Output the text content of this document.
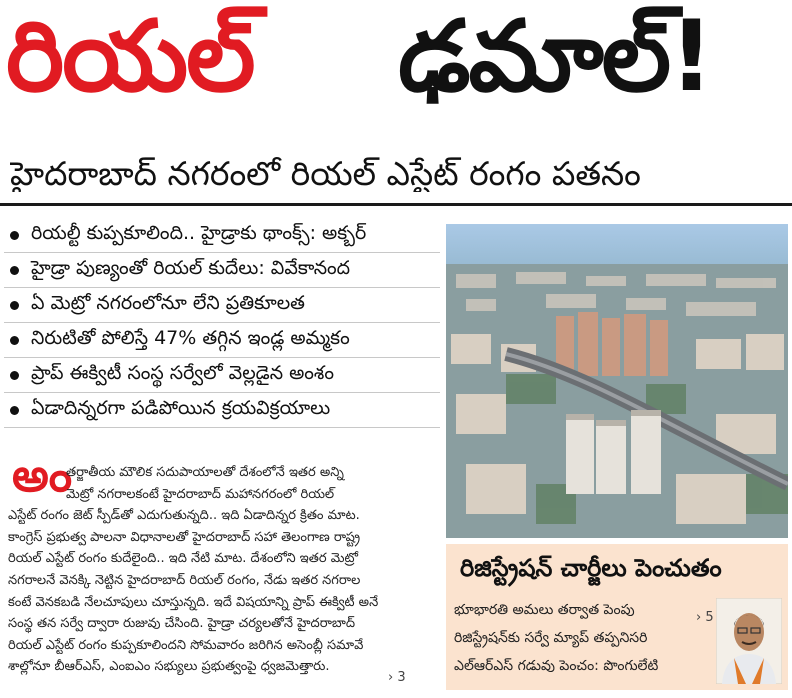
రియల్ ఢమాల్!
హైదరాబాద్ నగరంలో రియల్ ఎస్టేట్ రంగం పతనం
రియల్టీ కుప్పకూలింది.. హైడ్రాకు థాంక్స్: అక్బర్
హైడ్రా పుణ్యంతో రియల్ కుదేలు: వివేకానంద
ఏ మెట్రో నగరంలోనూ లేని ప్రతికూలత
నిరుటితో పోలిస్తే 47% తగ్గిన ఇండ్ల అమ్మకం
ప్రాప్ ఈక్విటీ సంస్థ సర్వేలో వెల్లడైన అంశం
ఏడాదిన్నరగా పడిపోయిన క్రయవిక్రయాలు
అం
తర్జాతీయ మౌలిక సదుపాయాలతో దేశంలోనే ఇతర అన్ని
మెట్రో నగరాలకంటే హైదరాబాద్ మహానగరంలో రియల్
ఎస్టేట్ రంగం జెట్ స్పీడ్‌తో ఎదుగుతున్నది.. ఇది ఏడాదిన్నర క్రితం మాట.
కాంగ్రెస్ ప్రభుత్వ పాలనా విధానాలతో హైదరాబాద్ సహా తెలంగాణ రాష్ట్ర
రియల్ ఎస్టేట్ రంగం కుదేలైంది.. ఇది నేటి మాట. దేశంలోని ఇతర మెట్రో
నగరాలనే వెనక్కి నెట్టిన హైదరాబాద్ రియల్ రంగం, నేడు ఇతర నగరాల
కంటే వెనకబడి నేలచూపులు చూస్తున్నది. ఇదే విషయాన్ని ప్రాప్ ఈక్విటీ అనే
సంస్థ తన సర్వే ద్వారా రుజువు చేసింది. హైడ్రా చర్యలతోనే హైదరాబాద్
రియల్ ఎస్టేట్ రంగం కుప్పకూలిందని సోమవారం జరిగిన అసెంబ్లీ సమావే
శాల్లోనూ బీఆర్ఎస్, ఎంఐఎం సభ్యులు ప్రభుత్వంపై ధ్వజమెత్తారు.
› 3
రిజిస్ట్రేషన్ చార్జీలు పెంచుతం
భూభారతి అమలు తర్వాత పెంపు
రిజిస్ట్రేషన్‌కు సర్వే మ్యాప్ తప్పనిసరి
ఎల్ఆర్ఎస్ గడువు పెంచం: పొంగులేటి
› 5
